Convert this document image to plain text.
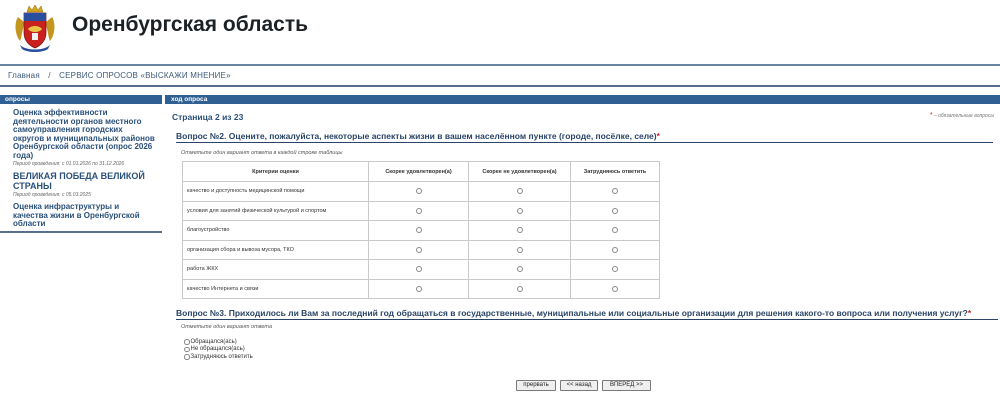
Оренбургская область
Главная / СЕРВИС ОПРОСОВ «ВЫСКАЖИ МНЕНИЕ»
опросы
Оценка эффективности деятельности органов местного самоуправления городских округов и муниципальных районов Оренбургской области (опрос 2026 года)
Период проведения: с 01.01.2026 по 31.12.2026
ВЕЛИКАЯ ПОБЕДА ВЕЛИКОЙ СТРАНЫ
Период проведения: с 05.03.2025
Оценка инфраструктуры и качества жизни в Оренбургской области
ход опроса
Страница 2 из 23	* – обязательные вопросы
Вопрос №2. Оцените, пожалуйста, некоторые аспекты жизни в вашем населённом пункте (городе, посёлке, селе)*
Отметьте один вариант ответа в каждой строке таблицы
Критерии оценки	Скорее удовлетворен(а)	Скорее не удовлетворен(а)	Затрудняюсь ответить
качество и доступность медицинской помощи			
условия для занятий физической культурой и спортом			
благоустройство			
организация сбора и вывоза мусора, ТКО			
работа ЖКХ			
качество Интернета и связи			
Вопрос №3. Приходилось ли Вам за последний год обращаться в государственные, муниципальные или социальные организации для решения какого-то вопроса или получения услуг?*
Отметьте один вариант ответа
Обращался(ась)
Не обращался(ась)
Затрудняюсь ответить
прервать	<< назад	ВПЕРЕД >>
